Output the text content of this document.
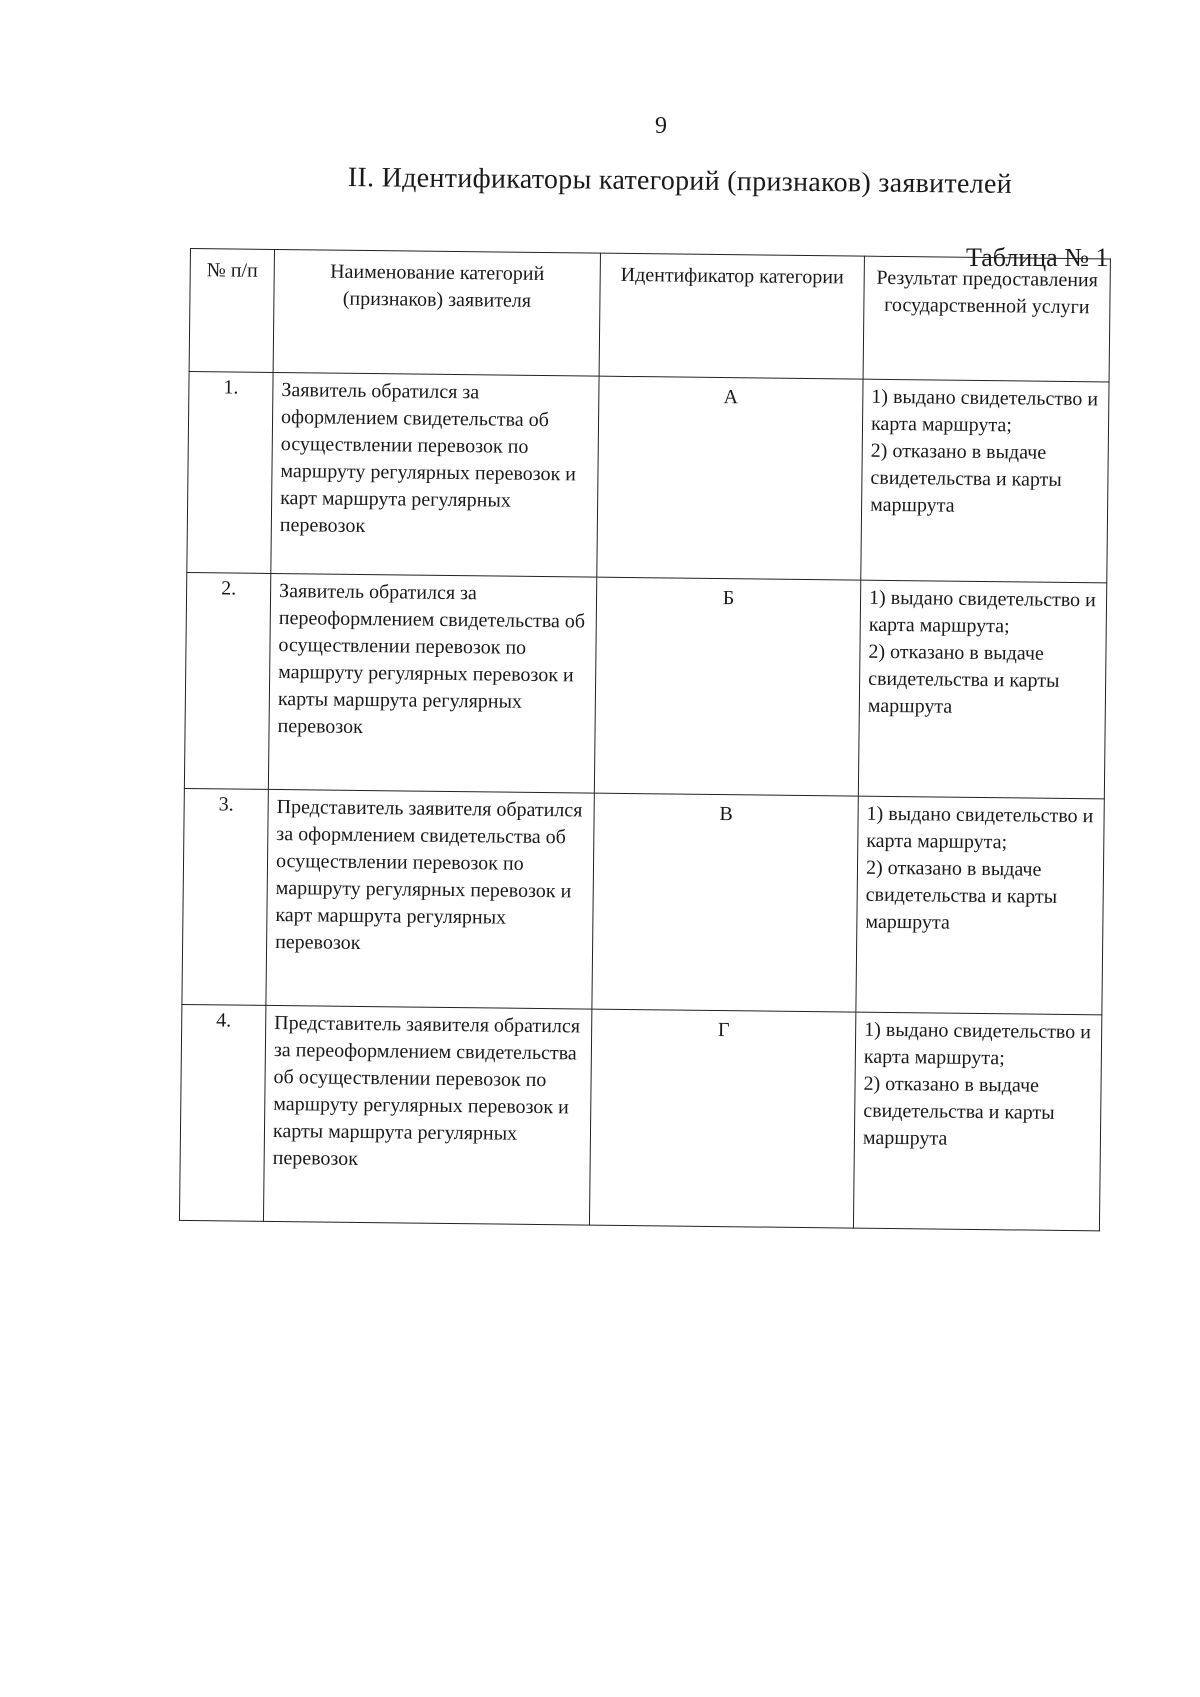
9
II. Идентификаторы категорий (признаков) заявителей
Таблица № 1
№ п/п	Наименование категорий (признаков) заявителя	Идентификатор категории	Результат предоставления государственной услуги
1.	Заявитель обратился за оформлением свидетельства об осуществлении перевозок по маршруту регулярных перевозок и карт маршрута регулярных перевозок	А	1) выдано свидетельство и карта маршрута;
2) отказано в выдаче свидетельства и карты маршрута

2.	Заявитель обратился за переоформлением свидетельства об осуществлении перевозок по маршруту регулярных перевозок и карты маршрута регулярных перевозок	Б	1) выдано свидетельство и карта маршрута;
2) отказано в выдаче свидетельства и карты маршрута

3.	Представитель заявителя обратился за оформлением свидетельства об осуществлении перевозок по маршруту регулярных перевозок и карт маршрута регулярных перевозок	В	1) выдано свидетельство и карта маршрута;
2) отказано в выдаче свидетельства и карты маршрута

4.	Представитель заявителя обратился за переоформлением свидетельства об осуществлении перевозок по маршруту регулярных перевозок и карты маршрута регулярных перевозок	Г	1) выдано свидетельство и карта маршрута;
2) отказано в выдаче свидетельства и карты маршрута
